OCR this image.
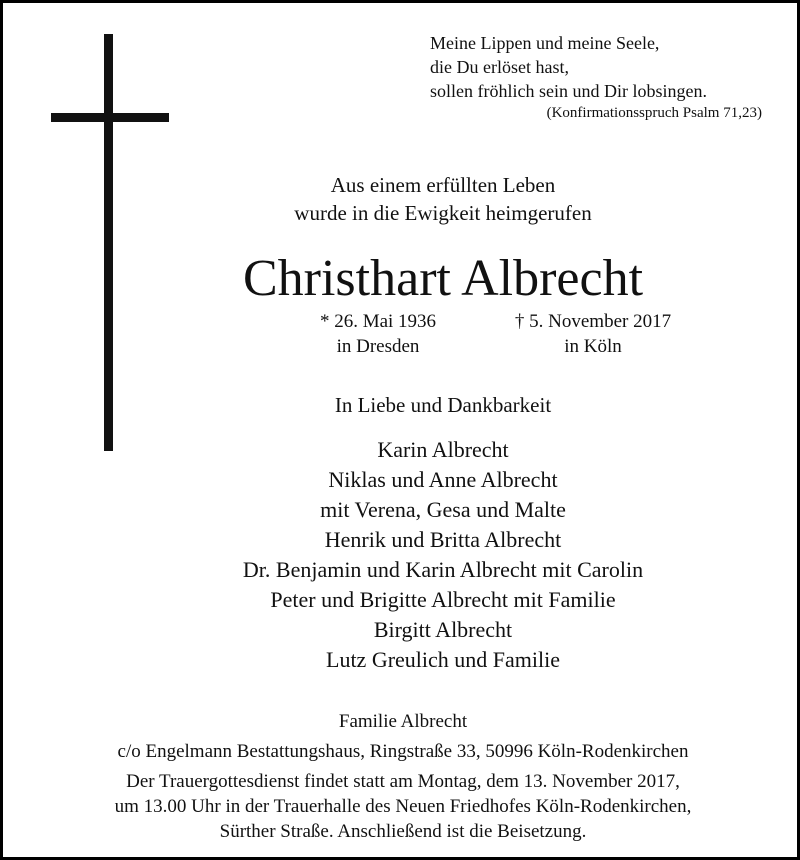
Meine Lippen und meine Seele,
die Du erlöset hast,
sollen fröhlich sein und Dir lobsingen.
(Konfirmationsspruch Psalm 71,23)
Aus einem erfüllten Leben
wurde in die Ewigkeit heimgerufen
Christhart Albrecht
* 26. Mai 1936
in Dresden
† 5. November 2017
in Köln
In Liebe und Dankbarkeit
Karin Albrecht
Niklas und Anne Albrecht
mit Verena, Gesa und Malte
Henrik und Britta Albrecht
Dr. Benjamin und Karin Albrecht mit Carolin
Peter und Brigitte Albrecht mit Familie
Birgitt Albrecht
Lutz Greulich und Familie
Familie Albrecht
c/o Engelmann Bestattungshaus, Ringstraße 33, 50996 Köln-Rodenkirchen
Der Trauergottesdienst findet statt am Montag, dem 13. November 2017,
um 13.00 Uhr in der Trauerhalle des Neuen Friedhofes Köln-Rodenkirchen,
Sürther Straße. Anschließend ist die Beisetzung.
